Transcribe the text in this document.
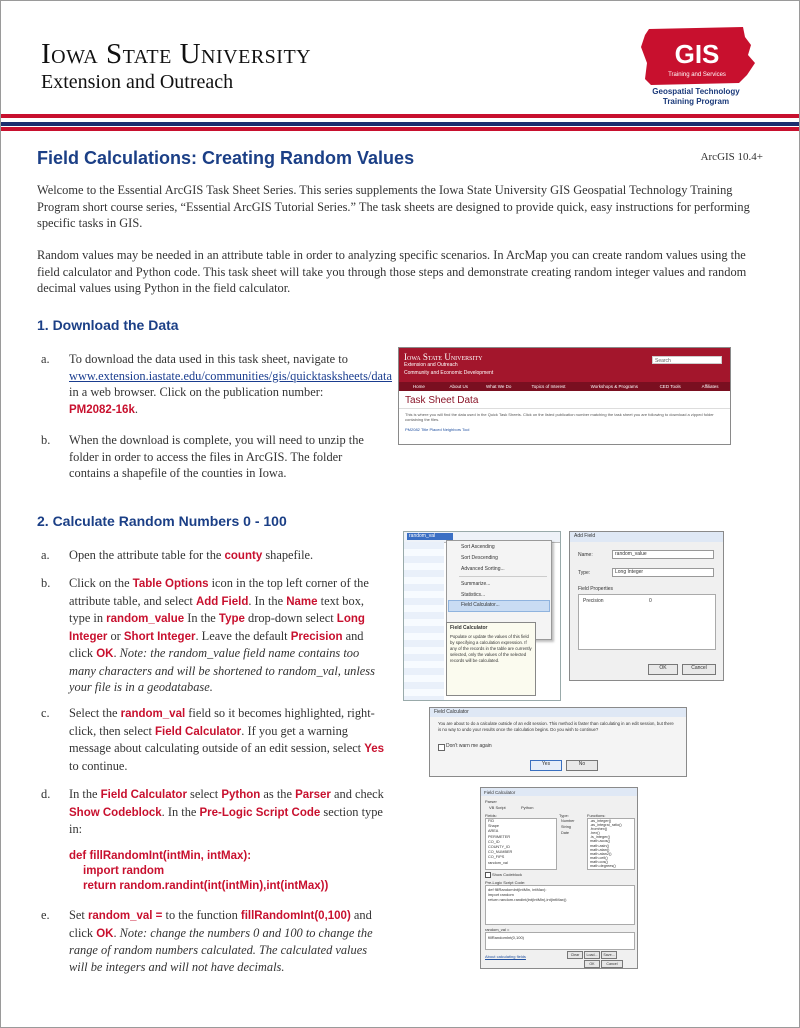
Iowa State University
Extension and Outreach
GIS
Training and Services
Geospatial Technology
Training Program
Field Calculations: Creating Random Values	ArcGIS 10.4+

Welcome to the Essential ArcGIS Task Sheet Series. This series supplements the Iowa State University GIS Geospatial Technology Training Program short course series, “Essential ArcGIS Tutorial Series.” The task sheets are designed to provide quick, easy instructions for performing specific tasks in GIS.

Random values may be needed in an attribute table in order to analyzing specific scenarios. In ArcMap you can create random values using the field calculator and Python code. This task sheet will take you through those steps and demonstrate creating random integer values and random decimal values using Python in the field calculator.

1. Download the Data
a. To download the data used in this task sheet, navigate to www.extension.iastate.edu/communities/gis/quicktasksheets/data in a web browser. Click on the publication number: PM2082-16k.
b. When the download is complete, you will need to unzip the folder in order to access the files in ArcGIS. The folder contains a shapefile of the counties in Iowa.
Iowa State University
Extension and Outreach
Community and Economic Development
Search
Home	About Us	What We Do	Topics of Interest	Workshops & Programs	CED Tools	Affiliates
Task Sheet Data
This is where you will find the data used in the Quick Task Sheets. Click on the listed publication number matching the task sheet you are following to download a zipped folder containing the files.
PM2082 Title Placed Neighbors Tool
2. Calculate Random Numbers 0 - 100
a. Open the attribute table for the county shapefile.
b. Click on the Table Options icon in the top left corner of the attribute table, and select Add Field. In the Name text box, type in random_value In the Type drop-down select Long Integer or Short Integer. Leave the default Precision and click OK. Note: the random_value field name contains too many characters and will be shortened to random_val, unless your file is in a geodatabase.
c. Select the random_val field so it becomes highlighted, right-click, then select Field Calculator. If you get a warning message about calculating outside of an edit session, select Yes to continue.
d. In the Field Calculator select Python as the Parser and check Show Codeblock. In the Pre-Logic Script Code section type in:
def fillRandomInt(intMin, intMax):
import random
return random.randint(int(intMin),int(intMax))
e. Set random_val = to the function fillRandomInt(0,100) and click OK. Note: change the numbers 0 and 100 to change the range of random numbers calculated. The calculated values will be integers and will not have decimals.
random_val
Sort Ascending
Sort Descending
Advanced Sorting...
Summarize...
Statistics...
Field Calculator...
Field Calculator
Populate or update the values of this field by specifying a calculation expression. If any of the records in the table are currently selected, only the values of the selected records will be calculated.
Add Field
Name:	random_value
Type:	Long Integer
Field Properties
Precision	0
OK	Cancel
Field Calculator
You are about to do a calculate outside of an edit session. This method is faster than calculating in an edit session, but there is no way to undo your results once the calculation begins. Do you wish to continue?
Don't warn me again
Yes	No
Field Calculator
Parser
VB Script	Python
Fields:	Type:	Functions:
FID
Shape
AREA
PERIMETER
CO_ID
COUNTY_ID
CO_NUMBER
CO_FIPS
random_val
Number
String
Date
.as_integer()
.as_integral_ratio()
.fromhex()
.hex()
.is_integer()
math.acos()
math.asin()
math.atan()
math.atan2()
math.ceil()
math.cos()
math.degrees()
Show Codeblock
Pre-Logic Script Code:
def fillRandomInt(intMin, intMax):
import random
return random.randint(int(intMin),int(intMax))
random_val =
fillRandomInt(0,100)
About calculating fields	Clear	Load...	Save...
OK	Cancel
